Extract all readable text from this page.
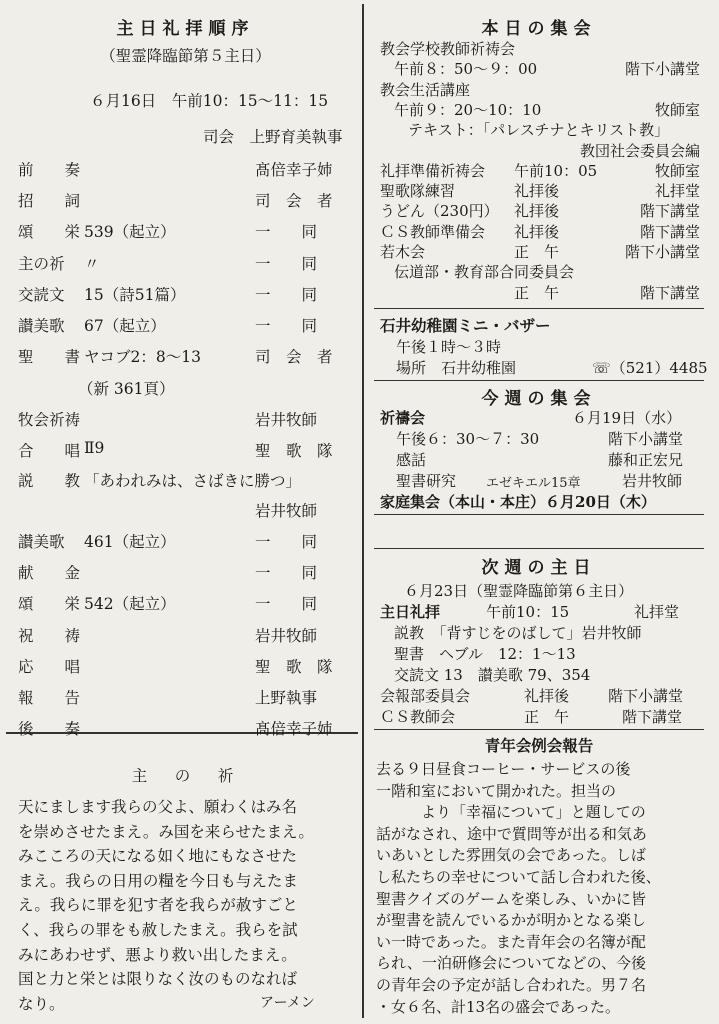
主日礼拝順序
（聖霊降臨節第５主日）
６月16日　午前10：15～11：15
司会　上野育美執事
前　　奏	髙倍幸子姉
招　　詞	司　会　者
頌　　栄 539（起立）	一　　同
主の祈 〃	一　　同
交読文 15（詩51篇）	一　　同
讃美歌 67（起立）	一　　同
聖　　書 ヤコブ2：8～13	司　会　者
（新 361頁）
牧会祈祷	岩井牧師
合　　唱 Ⅱ9	聖　歌　隊
説　　教 「あわれみは、さばきに勝つ」
岩井牧師
讃美歌 461（起立）	一　　同
献　　金	一　　同
頌　　栄 542（起立）	一　　同
祝　　祷	岩井牧師
応　　唱	聖　歌　隊
報　　告	上野執事
後　　奏	髙倍幸子姉
主　の　祈
天にまします我らの父よ、願わくはみ名
を崇めさせたまえ。み国を来らせたまえ。
みこころの天になる如く地にもなさせた
まえ。我らの日用の糧を今日も与えたま
え。我らに罪を犯す者を我らが赦すごと
く、我らの罪をも赦したまえ。我らを試
みにあわせず、悪より救い出したまえ。
国と力と栄とは限りなく汝のものなれば
なり。	アーメン
本日の集会
教会学校教師祈祷会
午前８：50～９：00	階下小講堂
教会生活講座
午前９：20～10：10	牧師室
テキスト：「パレスチナとキリスト教」
教団社会委員会編
礼拝準備祈祷会 午前10：05	牧師室
聖歌隊練習	礼拝後	礼拝堂
うどん（230円） 礼拝後	階下講堂
ＣＳ教師準備会 礼拝後	階下講堂
若木会	正　午	階下小講堂
伝道部・教育部合同委員会
正　午	階下講堂
石井幼稚園ミニ・バザー
午後１時～３時
場所　石井幼稚園	☏（521）4485
今週の集会
祈禱会	６月19日（水）
午後６：30～７：30	階下小講堂
感話	藤和正宏兄
聖書研究 エゼキエル15章	岩井牧師
家庭集会（本山・本庄）６月20日（木）
次週の主日
６月23日（聖霊降臨節第６主日）
主日礼拝	午前10：15	礼拝堂
説教　「背すじをのばして」岩井牧師
聖書　ヘブル　12：1～13
交読文 13　讃美歌 79、354
会報部委員会	礼拝後	階下小講堂
ＣＳ教師会	正　午	階下講堂
青年会例会報告
去る９日昼食コーヒー・サービスの後
一階和室において開かれた。担当の
　　　より「幸福について」と題しての
話がなされ、途中で質問等が出る和気あ
いあいとした雰囲気の会であった。しば
し私たちの幸せについて話し合われた後、
聖書クイズのゲームを楽しみ、いかに皆
が聖書を読んでいるかが明かとなる楽し
い一時であった。また青年会の名簿が配
られ、一泊研修会についてなどの、今後
の青年会の予定が話し合われた。男７名
・女６名、計13名の盛会であった。
